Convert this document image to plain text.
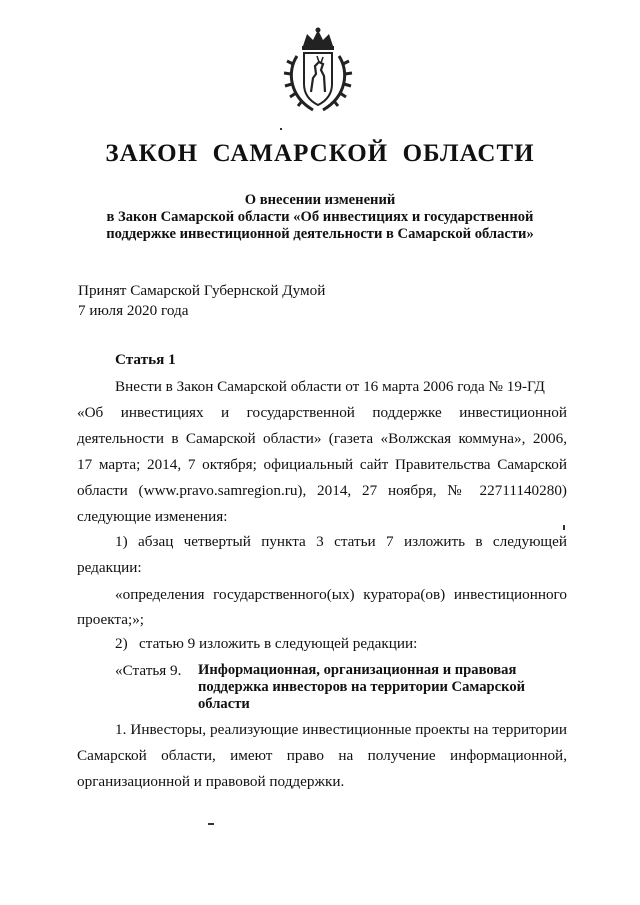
ЗАКОН  САМАРСКОЙ  ОБЛАСТИ
О внесении изменений
в Закон Самарской области «Об инвестициях и государственной
поддержке инвестиционной деятельности в Самарской области»
Принят Самарской Губернской Думой
7 июля 2020 года
Статья 1
Внести в Закон Самарской области от 16 марта 2006 года № 19-ГД
«Об инвестициях и государственной поддержке инвестиционной
деятельности в Самарской области» (газета «Волжская коммуна», 2006,
17 марта; 2014, 7 октября; официальный сайт Правительства Самарской
области (www.pravo.samregion.ru), 2014, 27 ноября, № 22711140280)
следующие изменения:
1) абзац четвертый пункта 3 статьи 7 изложить в следующей
редакции:
«определения государственного(ых) куратора(ов) инвестиционного
проекта;»;
2)   статью 9 изложить в следующей редакции:
«Статья 9. Информационная, организационная и правовая
поддержка инвесторов на территории Самарской
области
1. Инвесторы, реализующие инвестиционные проекты на территории
Самарской области, имеют право на получение информационной,
организационной и правовой поддержки.
